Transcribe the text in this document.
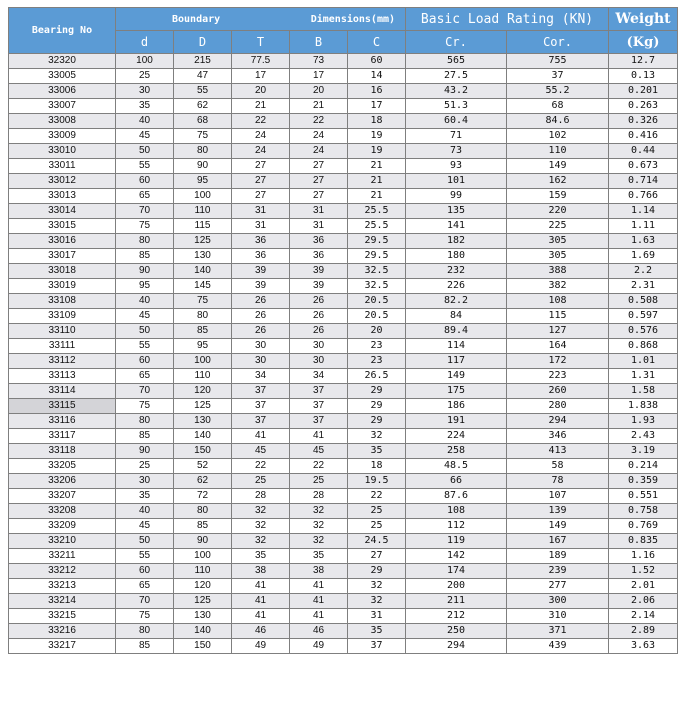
Bearing No	Boundary Dimensions(mm)					Basic Load Rating (KN)		Weight
	d	D	T	B	C	Cr.	Cor.	(Kg)
32320	100	215	77.5	73	60	565	755	12.7
33005	25	47	17	17	14	27.5	37	0.13
33006	30	55	20	20	16	43.2	55.2	0.201
33007	35	62	21	21	17	51.3	68	0.263
33008	40	68	22	22	18	60.4	84.6	0.326
33009	45	75	24	24	19	71	102	0.416
33010	50	80	24	24	19	73	110	0.44
33011	55	90	27	27	21	93	149	0.673
33012	60	95	27	27	21	101	162	0.714
33013	65	100	27	27	21	99	159	0.766
33014	70	110	31	31	25.5	135	220	1.14
33015	75	115	31	31	25.5	141	225	1.11
33016	80	125	36	36	29.5	182	305	1.63
33017	85	130	36	36	29.5	180	305	1.69
33018	90	140	39	39	32.5	232	388	2.2
33019	95	145	39	39	32.5	226	382	2.31
33108	40	75	26	26	20.5	82.2	108	0.508
33109	45	80	26	26	20.5	84	115	0.597
33110	50	85	26	26	20	89.4	127	0.576
33111	55	95	30	30	23	114	164	0.868
33112	60	100	30	30	23	117	172	1.01
33113	65	110	34	34	26.5	149	223	1.31
33114	70	120	37	37	29	175	260	1.58
33115	75	125	37	37	29	186	280	1.838
33116	80	130	37	37	29	191	294	1.93
33117	85	140	41	41	32	224	346	2.43
33118	90	150	45	45	35	258	413	3.19
33205	25	52	22	22	18	48.5	58	0.214
33206	30	62	25	25	19.5	66	78	0.359
33207	35	72	28	28	22	87.6	107	0.551
33208	40	80	32	32	25	108	139	0.758
33209	45	85	32	32	25	112	149	0.769
33210	50	90	32	32	24.5	119	167	0.835
33211	55	100	35	35	27	142	189	1.16
33212	60	110	38	38	29	174	239	1.52
33213	65	120	41	41	32	200	277	2.01
33214	70	125	41	41	32	211	300	2.06
33215	75	130	41	41	31	212	310	2.14
33216	80	140	46	46	35	250	371	2.89
33217	85	150	49	49	37	294	439	3.63
